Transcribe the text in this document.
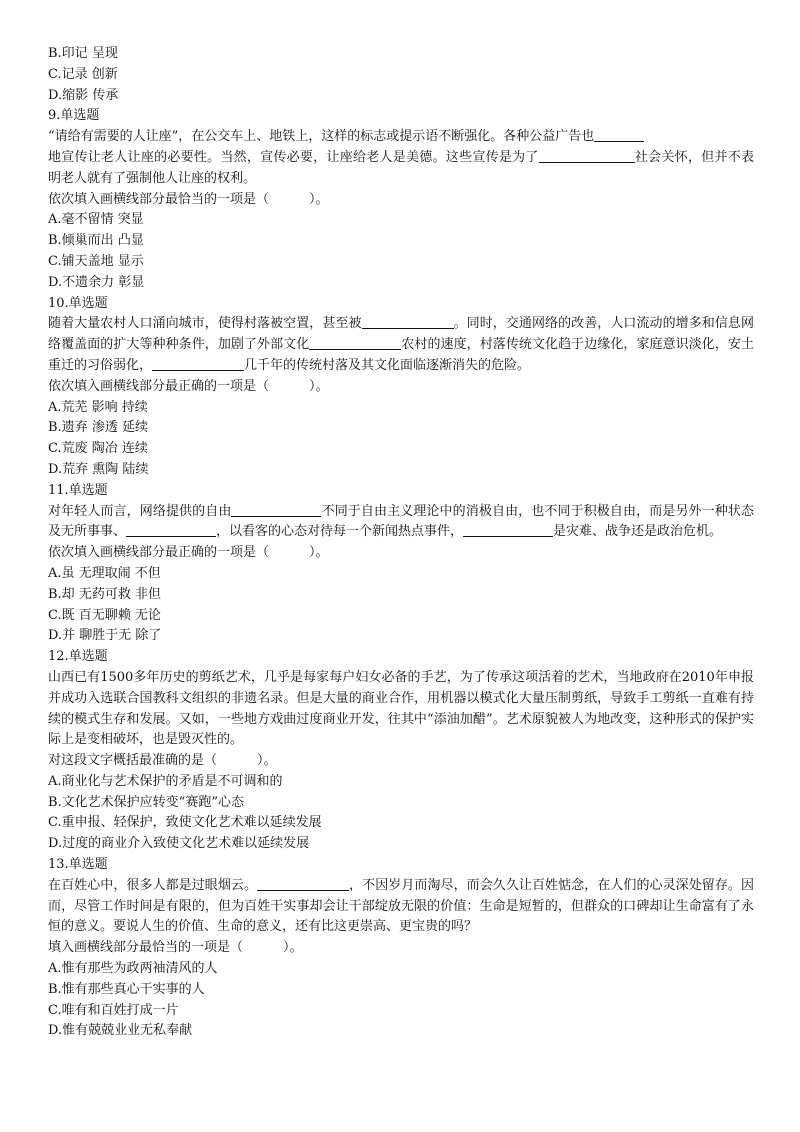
B.印记 呈现
C.记录 创新
D.缩影 传承
9.单选题
“请给有需要的人让座”，在公交车上、地铁上，这样的标志或提示语不断强化。各种公益广告也
地宣传让老人让座的必要性。当然，宣传必要，让座给老人是美德。这些宣传是为了	社会关怀，但并不表明老人就有了强制他人让座的权利。
依次填入画横线部分最恰当的一项是（	）。
A.毫不留情 突显
B.倾巢而出 凸显
C.铺天盖地 显示
D.不遗余力 彰显
10.单选题
随着大量农村人口涌向城市，使得村落被空置，甚至被	。同时，交通网络的改善，人口流动的增多和信息网络覆盖面的扩大等种种条件，加剧了外部文化	农村的速度，村落传统文化趋于边缘化，家庭意识淡化，安土重迁的习俗弱化，	几千年的传统村落及其文化面临逐渐消失的危险。
依次填入画横线部分最正确的一项是（	）。
A.荒芜 影响 持续
B.遗弃 渗透 延续
C.荒废 陶冶 连续
D.荒弃 熏陶 陆续
11.单选题
对年轻人而言，网络提供的自由	不同于自由主义理论中的消极自由，也不同于积极自由，而是另外一种状态及无所事事、	，以看客的心态对待每一个新闻热点事件，	是灾难、战争还是政治危机。
依次填入画横线部分最正确的一项是（	）。
A.虽 无理取闹 不但
B.却 无药可救 非但
C.既 百无聊赖 无论
D.并 聊胜于无 除了
12.单选题
山西已有1500多年历史的剪纸艺术，几乎是每家每户妇女必备的手艺，为了传承这项活着的艺术，当地政府在2010年申报并成功入选联合国教科文组织的非遗名录。但是大量的商业合作，用机器以模式化大量压制剪纸，导致手工剪纸一直难有持续的模式生存和发展。又如，一些地方戏曲过度商业开发，往其中“添油加醋”。艺术原貌被人为地改变，这种形式的保护实际上是变相破坏，也是毁灭性的。
对这段文字概括最准确的是（	）。
A.商业化与艺术保护的矛盾是不可调和的
B.文化艺术保护应转变“赛跑”心态
C.重申报、轻保护，致使文化艺术难以延续发展
D.过度的商业介入致使文化艺术难以延续发展
13.单选题
在百姓心中，很多人都是过眼烟云。	，不因岁月而淘尽，而会久久让百姓惦念，在人们的心灵深处留存。因而，尽管工作时间是有限的，但为百姓干实事却会让干部绽放无限的价值：生命是短暂的，但群众的口碑却让生命富有了永恒的意义。要说人生的价值、生命的意义，还有比这更崇高、更宝贵的吗？
填入画横线部分最恰当的一项是（	）。
A.惟有那些为政两袖清风的人
B.惟有那些真心干实事的人
C.唯有和百姓打成一片
D.惟有兢兢业业无私奉献
